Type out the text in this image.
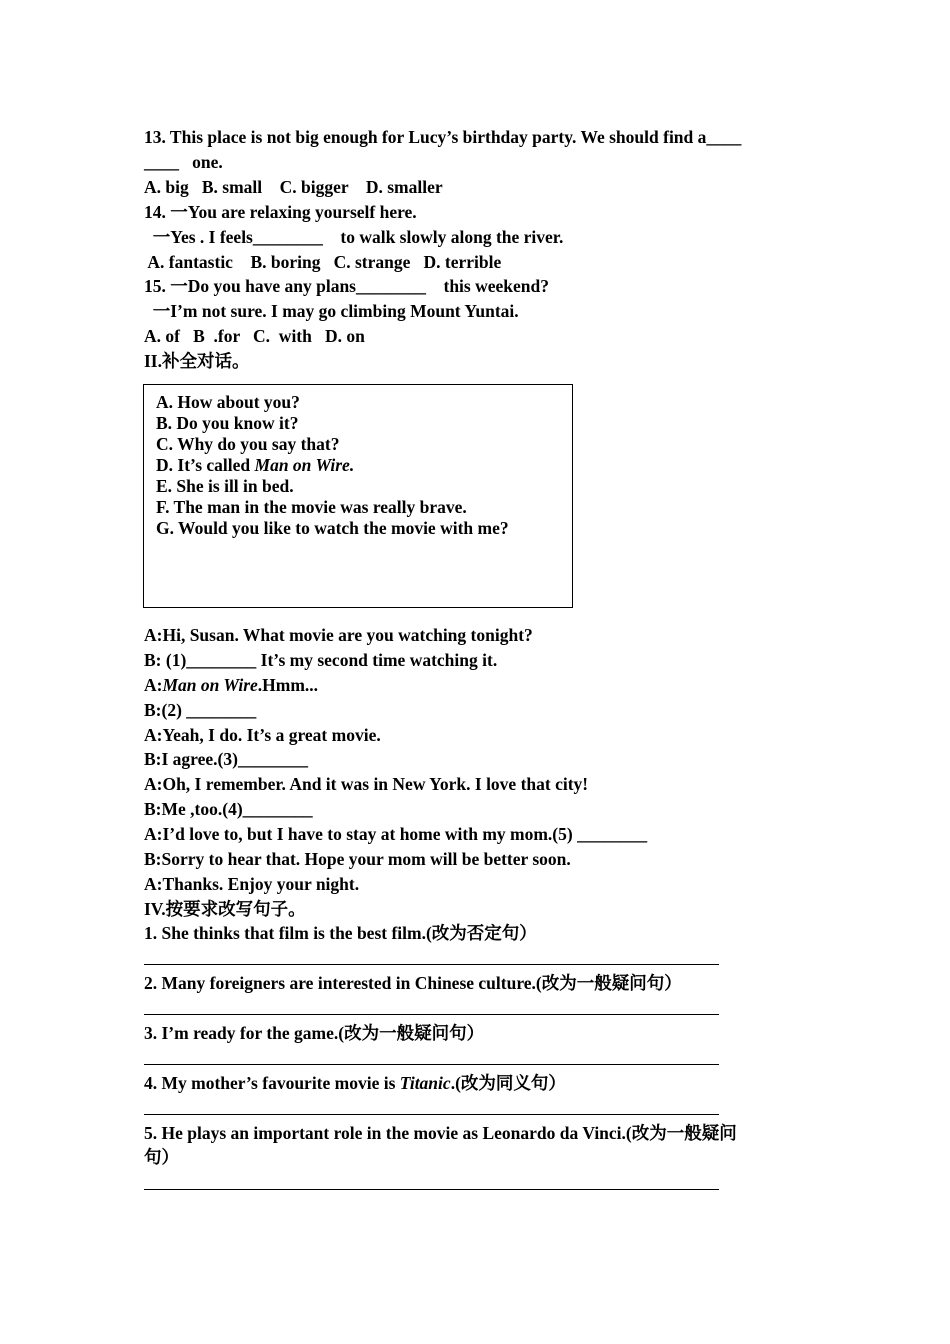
13. This place is not big enough for Lucy’s birthday party. We should find a____
____   one.
A. big   B. small    C. bigger    D. smaller
14. 一You are relaxing yourself here.
一Yes . I feels________    to walk slowly along the river.
A. fantastic    B. boring   C. strange   D. terrible
15. 一Do you have any plans________    this weekend?
一I’m not sure. I may go climbing Mount Yuntai.
A. of   B  .for   C.  with   D. on
II.补全对话。
A. How about you?
B. Do you know it?
C. Why do you say that?
D. It’s called Man on Wire.
E. She is ill in bed.
F. The man in the movie was really brave.
G. Would you like to watch the movie with me?
A:Hi, Susan. What movie are you watching tonight?
B: (1)________ It’s my second time watching it.
A:Man on Wire.Hmm...
B:(2) ________
A:Yeah, I do. It’s a great movie.
B:I agree.(3)________
A:Oh, I remember. And it was in New York. I love that city!
B:Me ,too.(4)________
A:I’d love to, but I have to stay at home with my mom.(5) ________
B:Sorry to hear that. Hope your mom will be better soon.
A:Thanks. Enjoy your night.
IV.按要求改写句子。
1. She thinks that film is the best film.(改为否定句）
2. Many foreigners are interested in Chinese culture.(改为一般疑问句）
3. I’m ready for the game.(改为一般疑问句）
4. My mother’s favourite movie is Titanic.(改为同义句）
5. He plays an important role in the movie as Leonardo da Vinci.(改为一般疑问
句）
